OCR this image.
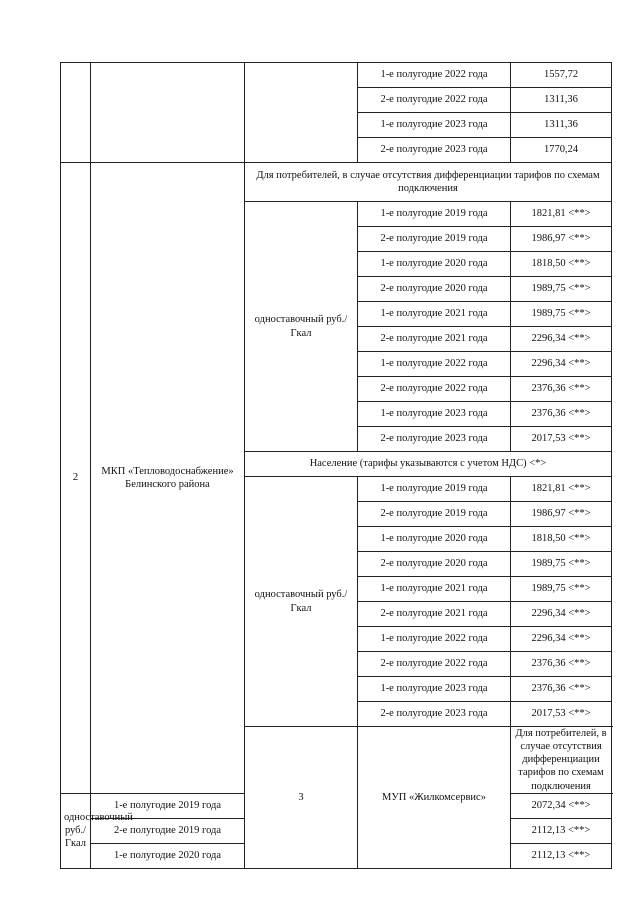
			1-е полугодие 2022 года	1557,72
			2-е полугодие 2022 года	1311,36
			1-е полугодие 2023 года	1311,36
			2-е полугодие 2023 года	1770,24
2	МКП «Тепловодоснабжение» Белинского района	Для потребителей, в случае отсутствия дифференциации тарифов по схемам подключения		
		одноставочный руб./Гкал	1-е полугодие 2019 года	1821,81 <**>
			2-е полугодие 2019 года	1986,97 <**>
			1-е полугодие 2020 года	1818,50 <**>
			2-е полугодие 2020 года	1989,75 <**>
			1-е полугодие 2021 года	1989,75 <**>
			2-е полугодие 2021 года	2296,34 <**>
			1-е полугодие 2022 года	2296,34 <**>
			2-е полугодие 2022 года	2376,36 <**>
			1-е полугодие 2023 года	2376,36 <**>
			2-е полугодие 2023 года	2017,53 <**>
		Население (тарифы указываются с учетом НДС) <*>		
		одноставочный руб./Гкал	1-е полугодие 2019 года	1821,81 <**>
			2-е полугодие 2019 года	1986,97 <**>
			1-е полугодие 2020 года	1818,50 <**>
			2-е полугодие 2020 года	1989,75 <**>
			1-е полугодие 2021 года	1989,75 <**>
			2-е полугодие 2021 года	2296,34 <**>
			1-е полугодие 2022 года	2296,34 <**>
			2-е полугодие 2022 года	2376,36 <**>
			1-е полугодие 2023 года	2376,36 <**>
			2-е полугодие 2023 года	2017,53 <**>
		3	МУП «Жилкомсервис»	Для потребителей, в случае отсутствия дифференциации тарифов по схемам подключения
одноставочный руб./Гкал	1-е полугодие 2019 года			2072,34 <**>
	2-е полугодие 2019 года			2112,13 <**>
	1-е полугодие 2020 года			2112,13 <**>
